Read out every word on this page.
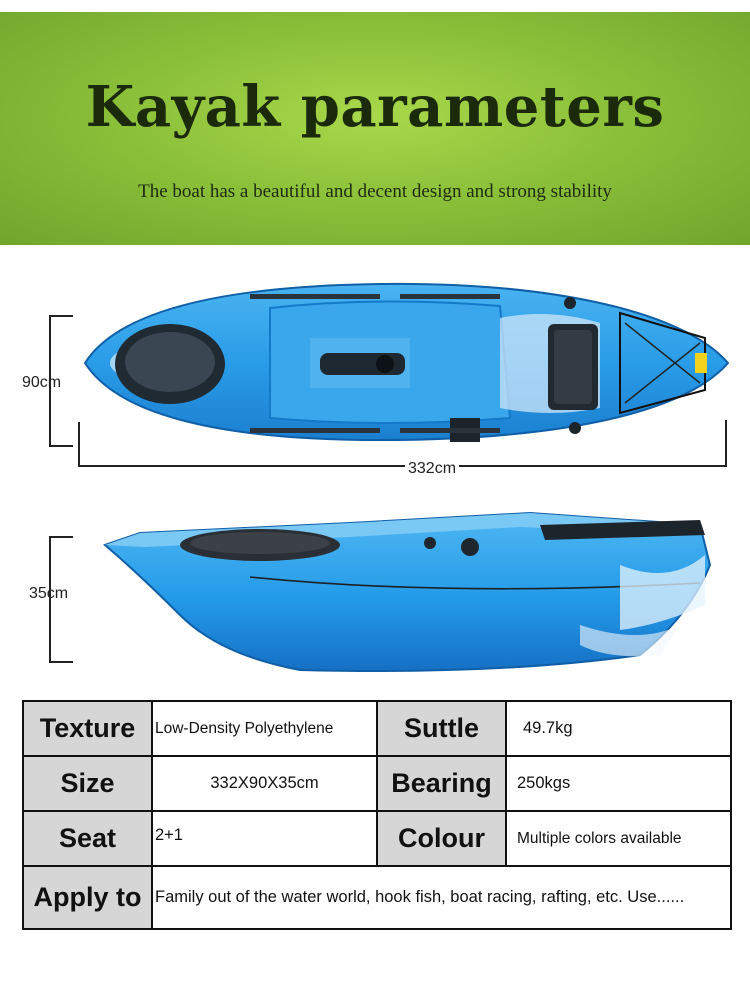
Kayak parameters
The boat has a beautiful and decent design and strong stability
90cm
332cm
35cm
Texture	Low-Density Polyethylene	Suttle	49.7kg
Size	332X90X35cm	Bearing	250kgs
Seat	2+1	Colour	Multiple colors available
Apply to	Family out of the water world, hook fish, boat racing, rafting, etc. Use......		
